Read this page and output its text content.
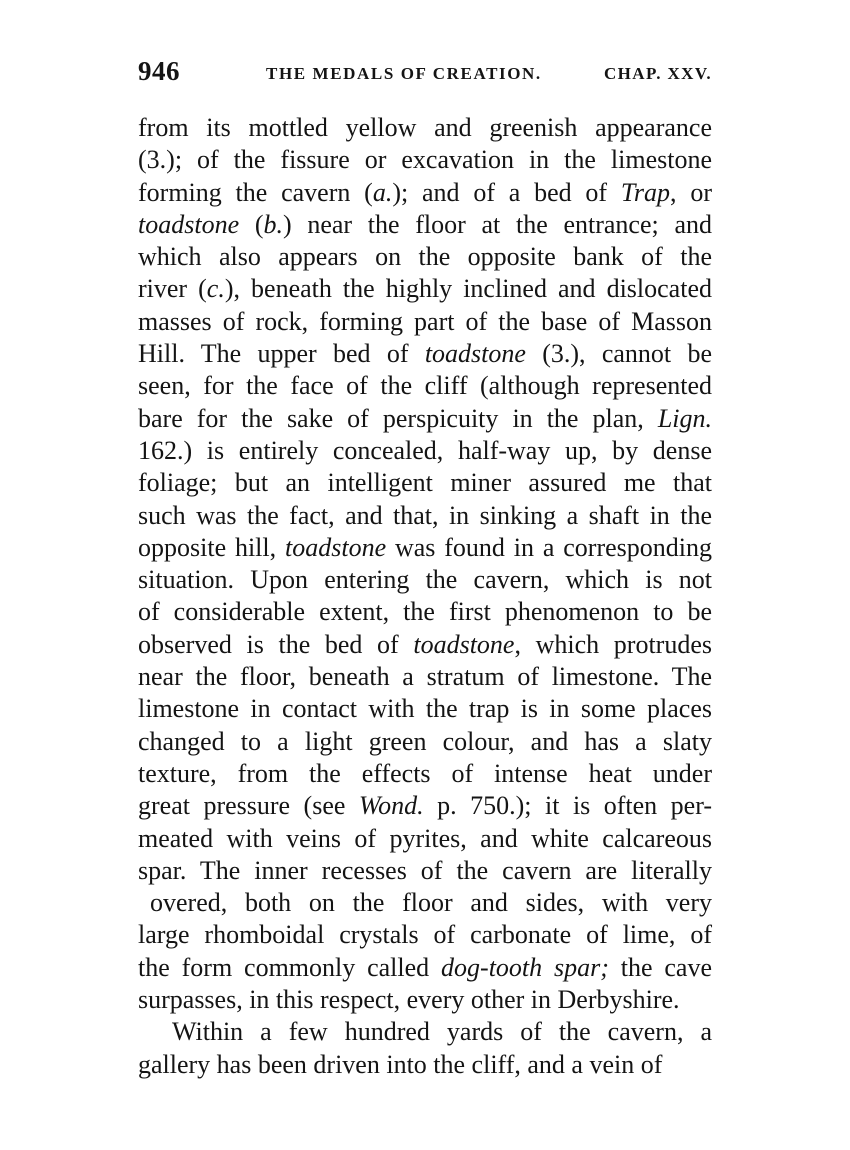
946	THE MEDALS OF CREATION.	CHAP. XXV.
from its mottled yellow and greenish appearance
(3.); of the fissure or excavation in the limestone
forming the cavern (a.); and of a bed of Trap, or
toadstone (b.) near the floor at the entrance; and
which also appears on the opposite bank of the
river (c.), beneath the highly inclined and dislocated
masses of rock, forming part of the base of Masson
Hill. The upper bed of toadstone (3.), cannot be
seen, for the face of the cliff (although represented
bare for the sake of perspicuity in the plan, Lign.
162.) is entirely concealed, half-way up, by dense
foliage; but an intelligent miner assured me that
such was the fact, and that, in sinking a shaft in the
opposite hill, toadstone was found in a corresponding
situation. Upon entering the cavern, which is not
of considerable extent, the first phenomenon to be
observed is the bed of toadstone, which protrudes
near the floor, beneath a stratum of limestone. The
limestone in contact with the trap is in some places
changed to a light green colour, and has a slaty
texture, from the effects of intense heat under
great pressure (see Wond. p. 750.); it is often per-
meated with veins of pyrites, and white calcareous
spar. The inner recesses of the cavern are literally
overed, both on the floor and sides, with very
large rhomboidal crystals of carbonate of lime, of
the form commonly called dog-tooth spar; the cave
surpasses, in this respect, every other in Derbyshire.
Within a few hundred yards of the cavern, a
gallery has been driven into the cliff, and a vein of
